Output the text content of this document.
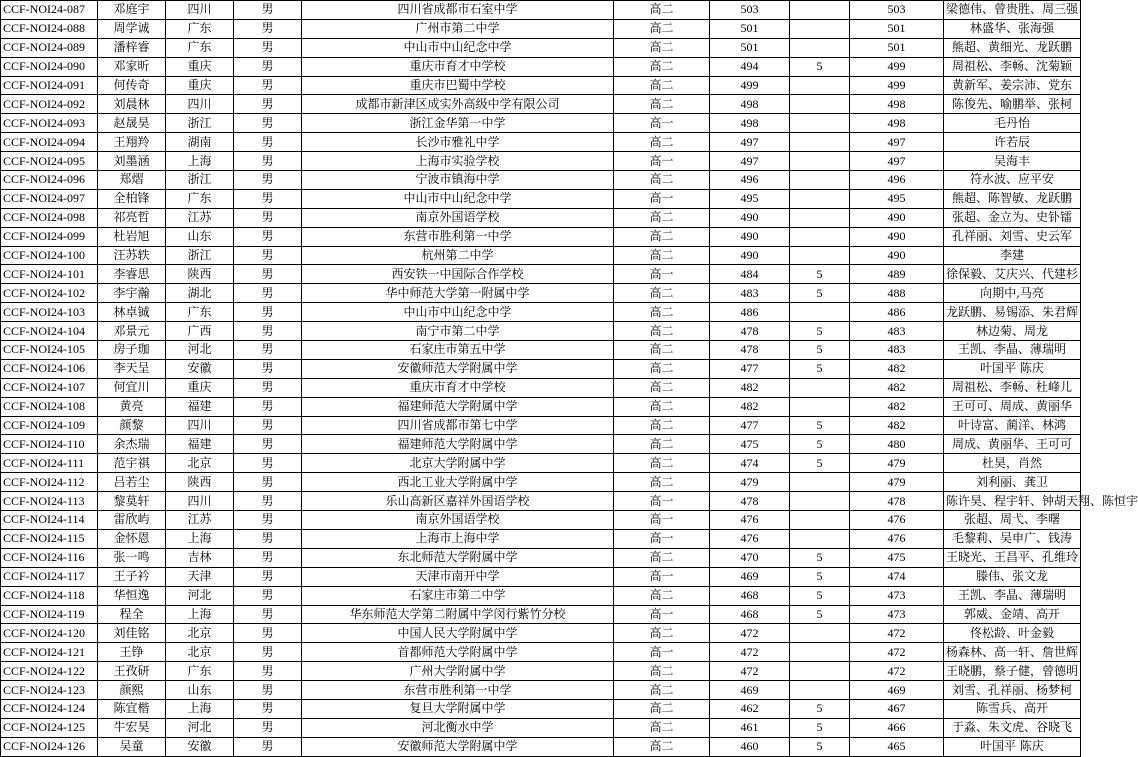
CCF-NOI24-087	邓庭宇	四川	男	四川省成都市石室中学	高二	503		503	梁德伟、曾贵胜、周三强
CCF-NOI24-088	周学诚	广东	男	广州市第二中学	高二	501		501	林盛华、张海强
CCF-NOI24-089	潘梓睿	广东	男	中山市中山纪念中学	高二	501		501	熊超、黄细光、龙跃鹏
CCF-NOI24-090	邓家昕	重庆	男	重庆市育才中学校	高二	494	5	499	周祖松、李畅、沈菊颖
CCF-NOI24-091	何传奇	重庆	男	重庆市巴蜀中学校	高二	499		499	黄新军、姜宗沛、党东
CCF-NOI24-092	刘晨林	四川	男	成都市新津区成实外高级中学有限公司	高二	498		498	陈俊先、喻鹏举、张柯
CCF-NOI24-093	赵晟昊	浙江	男	浙江金华第一中学	高一	498		498	毛丹怡
CCF-NOI24-094	王翔羚	湖南	男	长沙市雅礼中学	高二	497		497	许若辰
CCF-NOI24-095	刘墨涵	上海	男	上海市实验学校	高一	497		497	吴海丰
CCF-NOI24-096	郑熠	浙江	男	宁波市镇海中学	高二	496		496	符水波、应平安
CCF-NOI24-097	全柏锋	广东	男	中山市中山纪念中学	高一	495		495	熊超、陈智敏、龙跃鹏
CCF-NOI24-098	祁亮哲	江苏	男	南京外国语学校	高二	490		490	张超、金立为、史钋镭
CCF-NOI24-099	杜岩旭	山东	男	东营市胜利第一中学	高二	490		490	孔祥丽、刘雪、史云军
CCF-NOI24-100	汪苏轶	浙江	男	杭州第二中学	高二	490		490	李建
CCF-NOI24-101	李睿思	陕西	男	西安铁一中国际合作学校	高一	484	5	489	徐保毅、艾庆兴、代建杉
CCF-NOI24-102	李宇瀚	湖北	男	华中师范大学第一附属中学	高二	483	5	488	向期中,马亮
CCF-NOI24-103	林卓铖	广东	男	中山市中山纪念中学	高二	486		486	龙跃鹏、易锡添、朱君辉
CCF-NOI24-104	邓景元	广西	男	南宁市第二中学	高二	478	5	483	林边菊、周龙
CCF-NOI24-105	房子珈	河北	男	石家庄市第五中学	高二	478	5	483	王凯、李晶、薄瑞明
CCF-NOI24-106	李天呈	安徽	男	安徽师范大学附属中学	高二	477	5	482	叶国平 陈庆
CCF-NOI24-107	何宜川	重庆	男	重庆市育才中学校	高二	482		482	周祖松、李畅、杜峰儿
CCF-NOI24-108	黄亮	福建	男	福建师范大学附属中学	高二	482		482	王可可、周成、黄丽华
CCF-NOI24-109	颜黎	四川	男	四川省成都市第七中学	高二	477	5	482	叶诗富、蔺洋、林鸿
CCF-NOI24-110	余杰瑞	福建	男	福建师范大学附属中学	高二	475	5	480	周成、黄丽华、王可可
CCF-NOI24-111	范宇祺	北京	男	北京大学附属中学	高二	474	5	479	杜昊，肖然
CCF-NOI24-112	吕若尘	陕西	男	西北工业大学附属中学	高二	479		479	刘利丽、龚卫
CCF-NOI24-113	黎莫轩	四川	男	乐山高新区嘉祥外国语学校	高一	478		478	陈许昊、程宇轩、钟胡天翔、陈恒宇
CCF-NOI24-114	雷欣屿	江苏	男	南京外国语学校	高一	476		476	张超、周弋、李曙
CCF-NOI24-115	金怀恩	上海	男	上海市上海中学	高一	476		476	毛黎莉、吴申广、钱涛
CCF-NOI24-116	张一鸣	吉林	男	东北师范大学附属中学	高二	470	5	475	王晓光、王昌平、孔维玲
CCF-NOI24-117	王子衿	天津	男	天津市南开中学	高一	469	5	474	滕伟、张文龙
CCF-NOI24-118	华恒逸	河北	男	石家庄市第二中学	高二	468	5	473	王凯、李晶、薄瑞明
CCF-NOI24-119	程全	上海	男	华东师范大学第二附属中学闵行紫竹分校	高一	468	5	473	郭威、金靖、高开
CCF-NOI24-120	刘佳铭	北京	男	中国人民大学附属中学	高二	472		472	佟松龄、叶金毅
CCF-NOI24-121	王铮	北京	男	首都师范大学附属中学	高一	472		472	杨森林、高一轩、詹世辉
CCF-NOI24-122	王孜研	广东	男	广州大学附属中学	高二	472		472	王晓鹏，蔡子健，曾德明
CCF-NOI24-123	颜熙	山东	男	东营市胜利第一中学	高二	469		469	刘雪、孔祥丽、杨梦柯
CCF-NOI24-124	陈宜楷	上海	男	复旦大学附属中学	高二	462	5	467	陈雪兵、高开
CCF-NOI24-125	牛宏昊	河北	男	河北衡水中学	高二	461	5	466	于淼、朱文虎、谷晓飞
CCF-NOI24-126	吴童	安徽	男	安徽师范大学附属中学	高二	460	5	465	叶国平 陈庆
